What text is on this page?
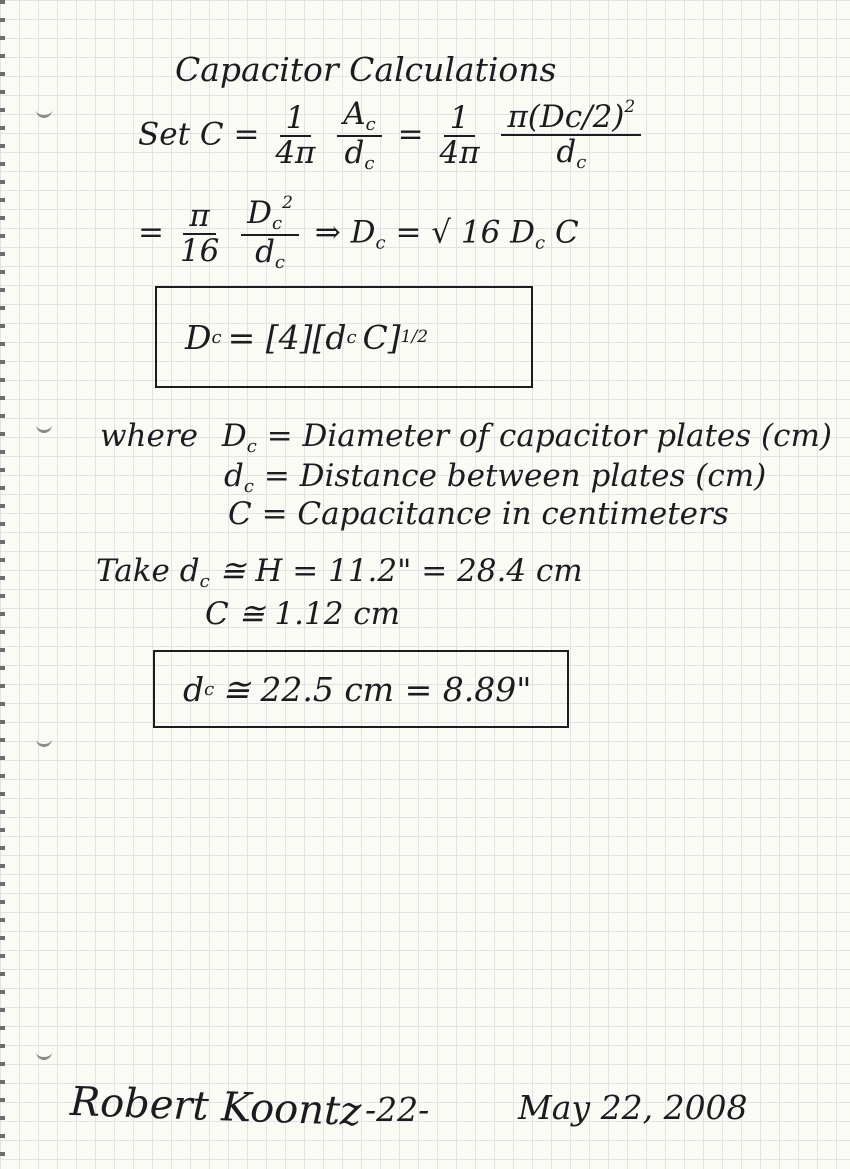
Capacitor Calculations
Set $C = \frac{1}{4\pi}$
$\frac{A_c}{d_c} = \frac{1}{4\pi}$
$\frac{\pi(Dc/2)^2}{d_c}$
= $\frac{\pi}{16}$
$\frac{D_c^2}{d_c}$ ⇒ $D_c$ = √ 16 $D_c$ C
D c = [4][d c C] 1/2
where $D_c$ = Diameter of capacitor plates (cm)
$d_c$ = Distance between plates (cm)
C = Capacitance in centimeters
Take $d_c$ ≅ H = 11.2" = 28.4 cm
C ≅ 1.12 cm
d c ≅ 22.5 cm = 8.89"
Robert Koontz -22-	May 22, 2008
